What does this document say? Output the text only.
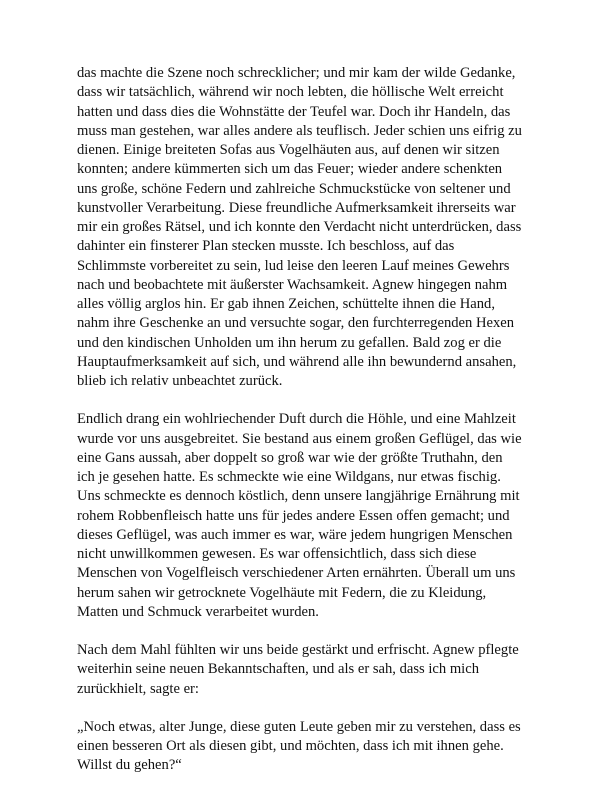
das machte die Szene noch schrecklicher; und mir kam der wilde Gedanke,
dass wir tatsächlich, während wir noch lebten, die höllische Welt erreicht
hatten und dass dies die Wohnstätte der Teufel war. Doch ihr Handeln, das
muss man gestehen, war alles andere als teuflisch. Jeder schien uns eifrig zu
dienen. Einige breiteten Sofas aus Vogelhäuten aus, auf denen wir sitzen
konnten; andere kümmerten sich um das Feuer; wieder andere schenkten
uns große, schöne Federn und zahlreiche Schmuckstücke von seltener und
kunstvoller Verarbeitung. Diese freundliche Aufmerksamkeit ihrerseits war
mir ein großes Rätsel, und ich konnte den Verdacht nicht unterdrücken, dass
dahinter ein finsterer Plan stecken musste. Ich beschloss, auf das
Schlimmste vorbereitet zu sein, lud leise den leeren Lauf meines Gewehrs
nach und beobachtete mit äußerster Wachsamkeit. Agnew hingegen nahm
alles völlig arglos hin. Er gab ihnen Zeichen, schüttelte ihnen die Hand,
nahm ihre Geschenke an und versuchte sogar, den furchterregenden Hexen
und den kindischen Unholden um ihn herum zu gefallen. Bald zog er die
Hauptaufmerksamkeit auf sich, und während alle ihn bewundernd ansahen,
blieb ich relativ unbeachtet zurück.

Endlich drang ein wohlriechender Duft durch die Höhle, und eine Mahlzeit
wurde vor uns ausgebreitet. Sie bestand aus einem großen Geflügel, das wie
eine Gans aussah, aber doppelt so groß war wie der größte Truthahn, den
ich je gesehen hatte. Es schmeckte wie eine Wildgans, nur etwas fischig.
Uns schmeckte es dennoch köstlich, denn unsere langjährige Ernährung mit
rohem Robbenfleisch hatte uns für jedes andere Essen offen gemacht; und
dieses Geflügel, was auch immer es war, wäre jedem hungrigen Menschen
nicht unwillkommen gewesen. Es war offensichtlich, dass sich diese
Menschen von Vogelfleisch verschiedener Arten ernährten. Überall um uns
herum sahen wir getrocknete Vogelhäute mit Federn, die zu Kleidung,
Matten und Schmuck verarbeitet wurden.

Nach dem Mahl fühlten wir uns beide gestärkt und erfrischt. Agnew pflegte
weiterhin seine neuen Bekanntschaften, und als er sah, dass ich mich
zurückhielt, sagte er:

„Noch etwas, alter Junge, diese guten Leute geben mir zu verstehen, dass es
einen besseren Ort als diesen gibt, und möchten, dass ich mit ihnen gehe.
Willst du gehen?“
